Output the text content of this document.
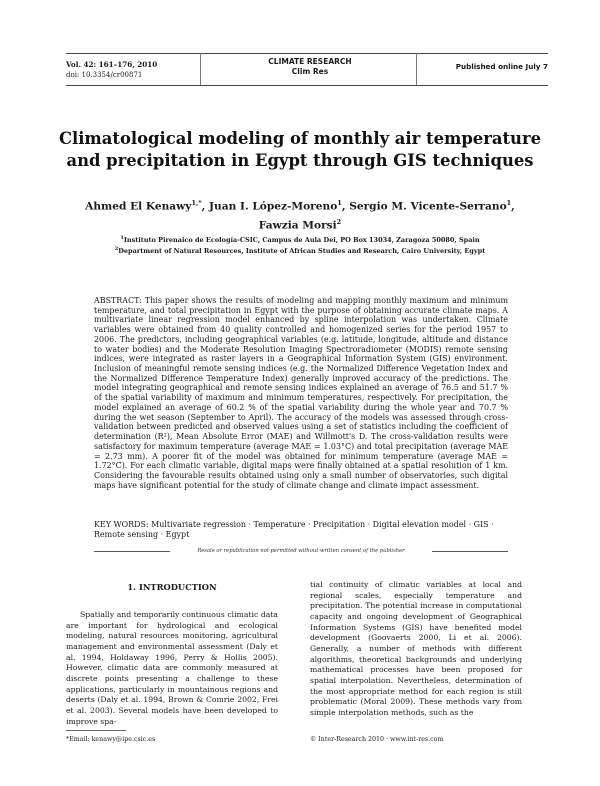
Vol. 42: 161–176, 2010
doi: 10.3354/cr00871
CLIMATE RESEARCH
Clim Res
Published online July 7
Climatological modeling of monthly air temperature
and precipitation in Egypt through GIS techniques
Ahmed El Kenawy$^{1,*}$, Juan I. López-Moreno$^1$, Sergio M. Vicente-Serrano$^1$,
Fawzia Morsi$^2$
$^1$Instituto Pirenaico de Ecología-CSIC, Campus de Aula Dei, PO Box 13034, Zaragoza 50080, Spain
$^2$Department of Natural Resources, Institute of African Studies and Research, Cairo University, Egypt
ABSTRACT: This paper shows the results of modeling and mapping monthly maximum and minimum temperature, and total precipitation in Egypt with the purpose of obtaining accurate climate maps. A multivariate linear regression model enhanced by spline interpolation was undertaken. Climate variables were obtained from 40 quality controlled and homogenized series for the period 1957 to 2006. The predictors, including geographical variables (e.g. latitude, longitude, altitude and distance to water bodies) and the Moderate Resolution Imaging Spectroradiometer (MODIS) remote sensing indices, were integrated as raster layers in a Geographical Information System (GIS) environment. Inclusion of meaningful remote sensing indices (e.g. the Normalized Difference Vegetation Index and the Normalized Difference Temperature Index) generally improved accuracy of the predictions. The model integrating geographical and remote sensing indices explained an average of 76.5 and 51.7 % of the spatial variability of maximum and minimum temperatures, respectively. For precipitation, the model explained an average of 60.2 % of the spatial variability during the whole year and 70.7 % during the wet season (September to April). The accuracy of the models was assessed through cross-validation between predicted and observed values using a set of statistics including the coefficient of determination (R²), Mean Absolute Error (MAE) and Willmott's D. The cross-validation results were satisfactory for maximum temperature (average MAE = 1.03°C) and total precipitation (average MAE = 2.73 mm). A poorer fit of the model was obtained for minimum temperature (average MAE = 1.72°C). For each climatic variable, digital maps were finally obtained at a spatial resolution of 1 km. Considering the favourable results obtained using only a small number of observatories, such digital maps have significant potential for the study of climate change and climate impact assessment.
KEY WORDS: Multivariate regression · Temperature · Precipitation · Digital elevation model · GIS · Remote sensing · Egypt
Resale or republication not permitted without written consent of the publisher
1. INTRODUCTION

Spatially and temporarily continuous climatic data are important for hydrological and ecological modeling, natural resources monitoring, agricultural management and environmental assessment (Daly et al. 1994, Holdaway 1996, Perry & Hollis 2005). However, climatic data are commonly measured at discrete points presenting a challenge to these applications, particularly in mountainous regions and deserts (Daly et al. 1994, Brown & Comrie 2002, Frei et al. 2003). Several models have been developed to improve spa-

tial continuity of climatic variables at local and regional scales, especially temperature and precipitation. The potential increase in computational capacity and ongoing development of Geographical Information Systems (GIS) have benefited model development (Goovaerts 2000, Li et al. 2006). Generally, a number of methods with different algorithms, theoretical backgrounds and underlying mathematical processes have been proposed for spatial interpolation. Nevertheless, determination of the most appropriate method for each region is still problematic (Moral 2009). These methods vary from simple interpolation methods, such as the

*Email: kenawy@ipe.csic.es	© Inter-Research 2010 · www.int-res.com
